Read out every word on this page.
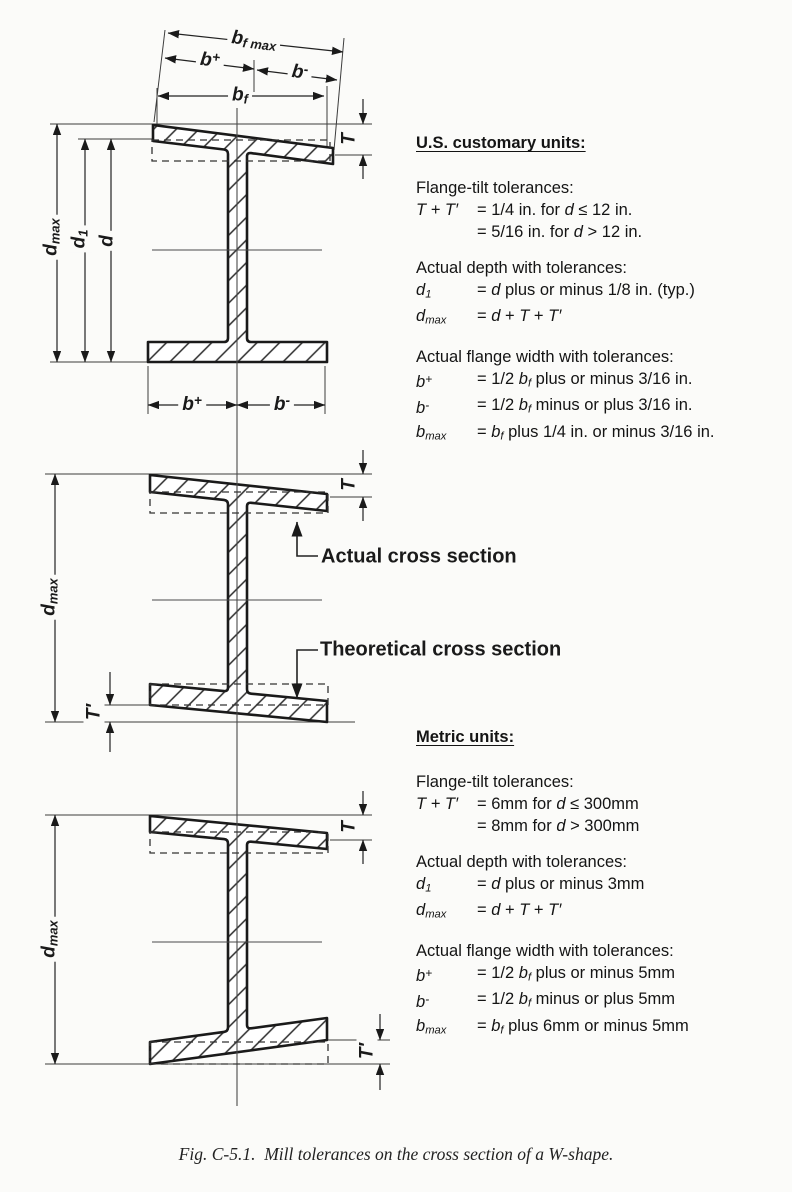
bf max
b+
b-
bf
dmax d1
d
T
b+	b-
dmax
T
T′
dmax
T
T′
Actual cross section
Theoretical cross section
U.S. customary units:
Flange-tilt tolerances:
T + T′	= 1/4 in. for d ≤ 12 in.
= 5/16 in. for d > 12 in.
Actual depth with tolerances:
d1	= d plus or minus 1/8 in. (typ.)
dmax	= d + T + T′
Actual flange width with tolerances:
b+	= 1/2 bf plus or minus 3/16 in.
b-	= 1/2 bf minus or plus 3/16 in.
bmax	= bf plus 1/4 in. or minus 3/16 in.
Metric units:
Flange-tilt tolerances:
T + T′	= 6mm for d ≤ 300mm
= 8mm for d > 300mm
Actual depth with tolerances:
d1	= d plus or minus 3mm
dmax	= d + T + T′
Actual flange width with tolerances:
b+	= 1/2 bf plus or minus 5mm
b-	= 1/2 bf minus or plus 5mm
bmax	= bf plus 6mm or minus 5mm
Fig. C-5.1.  Mill tolerances on the cross section of a W-shape.
